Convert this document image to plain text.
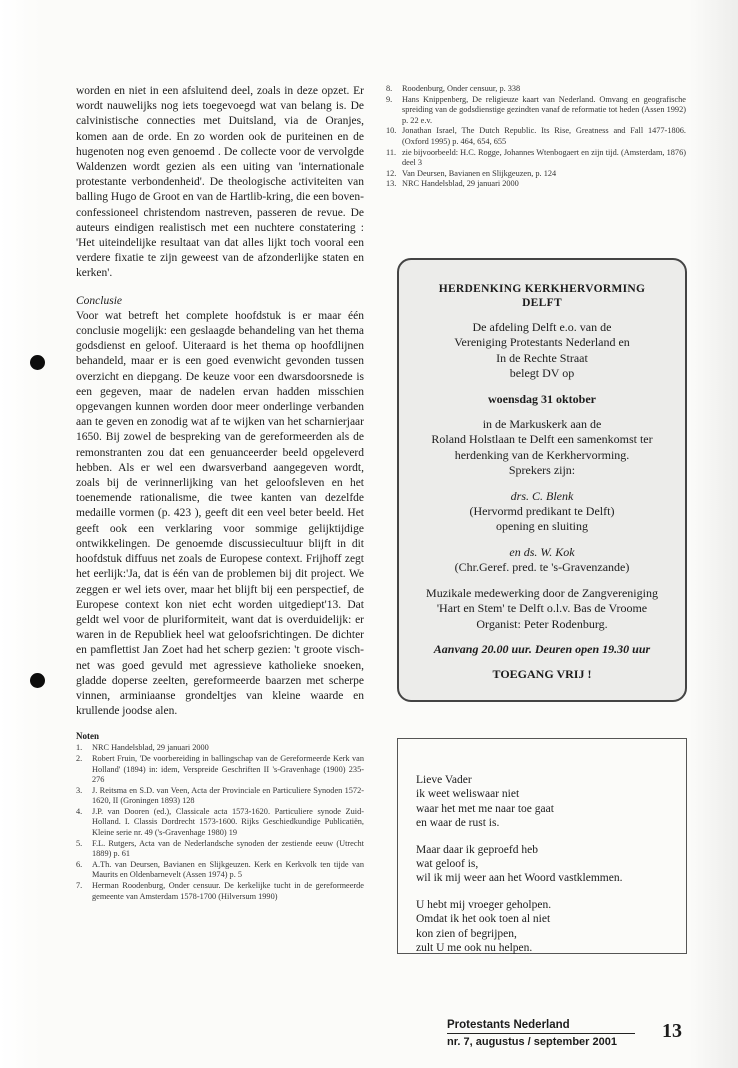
worden en niet in een afsluitend deel, zoals in deze opzet. Er wordt nauwelijks nog iets toegevoegd wat van belang is. De calvinistische connecties met Duitsland, via de Oranjes, komen aan de orde. En zo worden ook de puriteinen en de hugenoten nog even genoemd . De collecte voor de vervolgde Waldenzen wordt gezien als een uiting van 'internationale protestante verbondenheid'. De theologische activiteiten van balling Hugo de Groot en van de Hartlib-kring, die een boven-confessioneel christendom nastreven, passeren de revue. De auteurs eindigen realistisch met een nuchtere constatering : 'Het uiteindelijke resultaat van dat alles lijkt toch vooral een verdere fixatie te zijn geweest van de afzonderlijke staten en kerken'.

Conclusie

Voor wat betreft het complete hoofdstuk is er maar één conclusie mogelijk: een geslaagde behandeling van het thema godsdienst en geloof. Uiteraard is het thema op hoofdlijnen behandeld, maar er is een goed evenwicht gevonden tussen overzicht en diepgang. De keuze voor een dwarsdoorsnede is een gegeven, maar de nadelen ervan hadden misschien opgevangen kunnen worden door meer onderlinge verbanden aan te geven en zonodig wat af te wijken van het scharnierjaar 1650. Bij zowel de bespreking van de gereformeerden als de remonstranten zou dat een genuanceerder beeld opgeleverd hebben. Als er wel een dwarsverband aangegeven wordt, zoals bij de verinnerlijking van het geloofsleven en het toenemende rationalisme, die twee kanten van dezelfde medaille vormen (p. 423 ), geeft dit een veel beter beeld. Het geeft ook een verklaring voor sommige gelijktijdige ontwikkelingen. De genoemde discussiecultuur blijft in dit hoofdstuk diffuus net zoals de Europese context. Frijhoff zegt het eerlijk:'Ja, dat is één van de problemen bij dit project. We zeggen er wel iets over, maar het blijft bij een perspectief, de Europese context kon niet echt worden uitgediept'13. Dat geldt wel voor de pluriformiteit, want dat is overduidelijk: er waren in de Republiek heel wat geloofsrichtingen. De dichter en pamflettist Jan Zoet had het scherp gezien: 't groote visch-net was goed gevuld met agressieve katholieke snoeken, gladde doperse zeelten, gereformeerde baarzen met scherpe vinnen, arminiaanse grondeltjes van kleine waarde en krullende joodse alen.

Noten
1. NRC Handelsblad, 29 januari 2000
2. Robert Fruin, 'De voorbereiding in ballingschap van de Gereformeerde Kerk van Holland' (1894) in: idem, Verspreide Geschriften II 's-Gravenhage (1900) 235-276
3. J. Reitsma en S.D. van Veen, Acta der Provinciale en Particuliere Synoden 1572-1620, II (Groningen 1893) 128
4. J.P. van Dooren (ed.), Classicale acta 1573-1620. Particuliere synode Zuid-Holland. I. Classis Dordrecht 1573-1600. Rijks Geschiedkundige Publicatiën, Kleine serie nr. 49 ('s-Gravenhage 1980) 19
5. F.L. Rutgers, Acta van de Nederlandsche synoden der zestiende eeuw (Utrecht 1889) p. 61
6. A.Th. van Deursen, Bavianen en Slijkgeuzen. Kerk en Kerkvolk ten tijde van Maurits en Oldenbarnevelt (Assen 1974) p. 5
7. Herman Roodenburg, Onder censuur. De kerkelijke tucht in de gereformeerde gemeente van Amsterdam 1578-1700 (Hilversum 1990)
8. Roodenburg, Onder censuur, p. 338
9. Hans Knippenberg, De religieuze kaart van Nederland. Omvang en geografische spreiding van de godsdienstige gezindten vanaf de reformatie tot heden (Assen 1992) p. 22 e.v.
10. Jonathan Israel, The Dutch Republic. Its Rise, Greatness and Fall 1477-1806. (Oxford 1995) p. 464, 654, 655
11. zie bijvoorbeeld: H.C. Rogge, Johannes Wtenbogaert en zijn tijd. (Amsterdam, 1876) deel 3
12. Van Deursen, Bavianen en Slijkgeuzen, p. 124
13. NRC Handelsblad, 29 januari 2000
HERDENKING KERKHERVORMING
DELFT

De afdeling Delft e.o. van de

Vereniging Protestants Nederland en

In de Rechte Straat

belegt DV op

woensdag 31 oktober

in de Markuskerk aan de

Roland Holstlaan te Delft een samenkomst ter

herdenking van de Kerkhervorming.

Sprekers zijn:

drs. C. Blenk

(Hervormd predikant te Delft)

opening en sluiting

en ds. W. Kok

(Chr.Geref. pred. te 's-Gravenzande)

Muzikale medewerking door de Zangvereniging

'Hart en Stem' te Delft o.l.v. Bas de Vroome

Organist: Peter Rodenburg.

Aanvang 20.00 uur. Deuren open 19.30 uur

TOEGANG VRIJ !

Lieve Vader

ik weet weliswaar niet

waar het met me naar toe gaat

en waar de rust is.

Maar daar ik geproefd heb

wat geloof is,

wil ik mij weer aan het Woord vastklemmen.

U hebt mij vroeger geholpen.

Omdat ik het ook toen al niet

kon zien of begrijpen,

zult U me ook nu helpen.

Protestants Nederland
nr. 7, augustus / september 2001	13
